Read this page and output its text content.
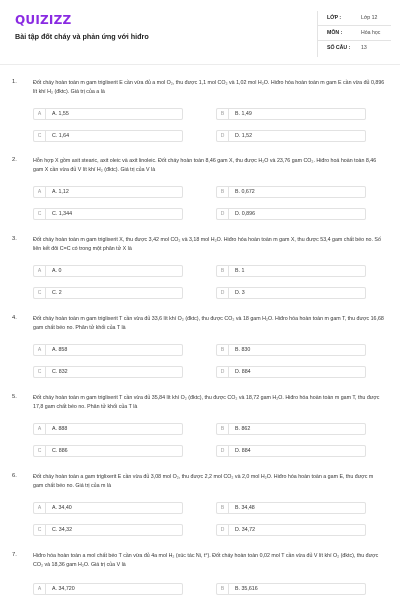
QUIZIZZ
Bài tập đốt cháy và phản ứng với hiđro
LỚP :	Lớp 12
MÔN :	Hóa học
SỐ CÂU : 13
1.	Đốt cháy hoàn toàn m gam triglixerit E cần vừa đủ a mol O₂, thu được 1,1 mol CO₂ và 1,02 mol H₂O. Hiđro hóa hoàn toàn m gam E cần vừa đủ 0,896 lít khí H₂ (đktc). Giá trị của a là
A	A. 1,55	B	B. 1,49
C	C. 1,64	D	D. 1,52
2.	Hỗn hợp X gồm axit stearic, axit oleic và axit linoleic. Đốt cháy hoàn toàn 8,46 gam X, thu được H₂O và 23,76 gam CO₂. Hiđro hoá hoàn toàn 8,46 gam X cần vừa đủ V lít khí H₂ (đktc). Giá trị của V là
A	A. 1,12	B	B. 0,672
C	C. 1,344	D	D. 0,896
3.	Đốt cháy hoàn toàn m gam triglixerit X, thu được 3,42 mol CO₂ và 3,18 mol H₂O. Hiđro hóa hoàn toàn m gam X, thu được 53,4 gam chất béo no. Số liên kết đôi C=C có trong một phân tử X là
A	A. 0	B	B. 1
C	C. 2	D	D. 3
4.	Đốt cháy hoàn toàn m gam triglixerit T cần vừa đủ 33,6 lít khí O₂ (đktc), thu được CO₂ và 18 gam H₂O. Hiđro hóa hoàn toàn m gam T, thu được 16,68 gam chất béo no. Phân tử khối của T là
A	A. 858	B	B. 830
C	C. 832	D	D. 884
5.	Đốt cháy hoàn toàn m gam triglixerit T cần vừa đủ 35,84 lít khí O₂ (đktc), thu được CO₂ và 18,72 gam H₂O. Hiđro hóa hoàn toàn m gam T, thu được 17,8 gam chất béo no. Phân tử khối của T là
A	A. 888	B	B. 862
C	C. 886	D	D. 884
6.	Đốt cháy hoàn toàn a gam triglixerit E cần vừa đủ 3,08 mol O₂, thu được 2,2 mol CO₂ và 2,0 mol H₂O. Hiđro hóa hoàn toàn a gam E, thu được m gam chất béo no. Giá trị của m là
A	A. 34,40	B	B. 34,48
C	C. 34,32	D	D. 34,72
7.	Hiđro hóa hoàn toàn a mol chất béo T cần vừa đủ 4a mol H₂ (xúc tác Ni, t°). Đốt cháy hoàn toàn 0,02 mol T cần vừa đủ V lít khí O₂ (đktc), thu được CO₂ và 18,36 gam H₂O. Giá trị của V là
A	A. 34,720	B	B. 35,616
